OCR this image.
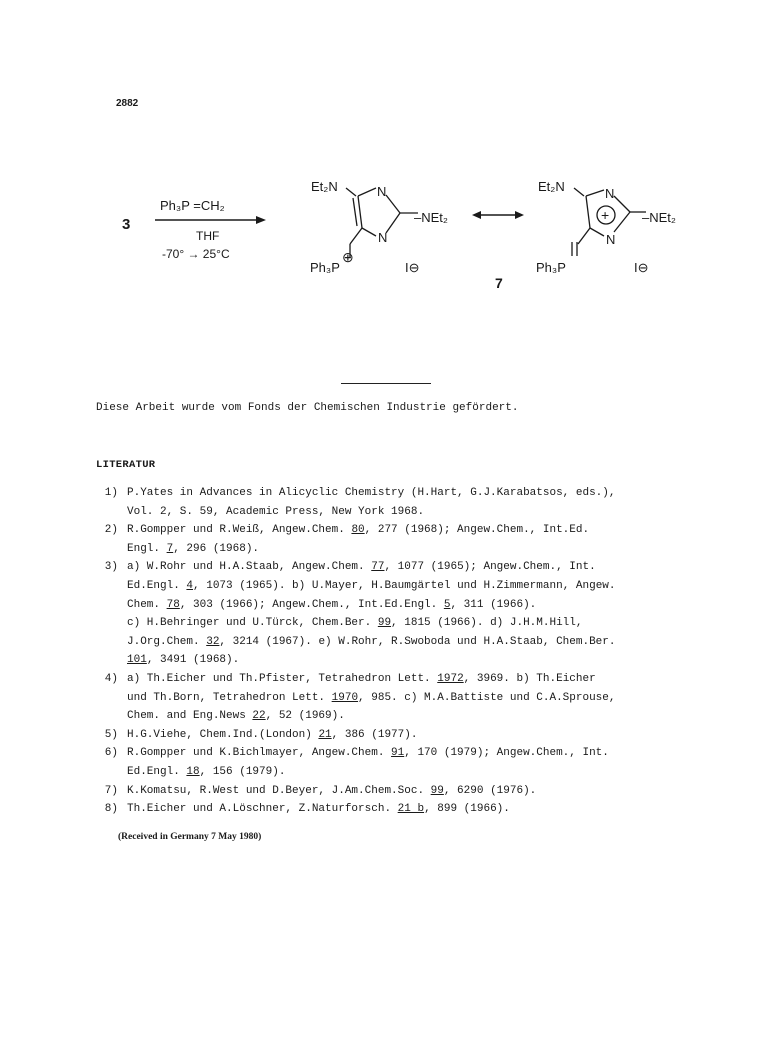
2882
3
Ph₃P =CH₂
THF
-70° → 25°C
Et₂N	N
N
–NEt₂
Ph₃P
⊕
I⊖
Et₂N	N
N
+	–NEt₂
Ph₃P	I⊖
7
Diese Arbeit wurde vom Fonds der Chemischen Industrie gefördert.
LITERATUR
1) P.Yates in Advances in Alicyclic Chemistry (H.Hart, G.J.Karabatsos, eds.),
Vol. 2, S. 59, Academic Press, New York 1968.
2) R.Gompper und R.Weiß, Angew.Chem. 80, 277 (1968); Angew.Chem., Int.Ed.
Engl. 7, 296 (1968).
3) a) W.Rohr und H.A.Staab, Angew.Chem. 77, 1077 (1965); Angew.Chem., Int.
Ed.Engl. 4, 1073 (1965). b) U.Mayer, H.Baumgärtel und H.Zimmermann, Angew.
Chem. 78, 303 (1966); Angew.Chem., Int.Ed.Engl. 5, 311 (1966).
c) H.Behringer und U.Türck, Chem.Ber. 99, 1815 (1966). d) J.H.M.Hill,
J.Org.Chem. 32, 3214 (1967). e) W.Rohr, R.Swoboda und H.A.Staab, Chem.Ber.
101, 3491 (1968).
4) a) Th.Eicher und Th.Pfister, Tetrahedron Lett. 1972, 3969. b) Th.Eicher
und Th.Born, Tetrahedron Lett. 1970, 985. c) M.A.Battiste und C.A.Sprouse,
Chem. and Eng.News 22, 52 (1969).
5) H.G.Viehe, Chem.Ind.(London) 21, 386 (1977).
6) R.Gompper und K.Bichlmayer, Angew.Chem. 91, 170 (1979); Angew.Chem., Int.
Ed.Engl. 18, 156 (1979).
7) K.Komatsu, R.West und D.Beyer, J.Am.Chem.Soc. 99, 6290 (1976).
8) Th.Eicher und A.Löschner, Z.Naturforsch. 21 b, 899 (1966).
(Received in Germany 7 May 1980)
